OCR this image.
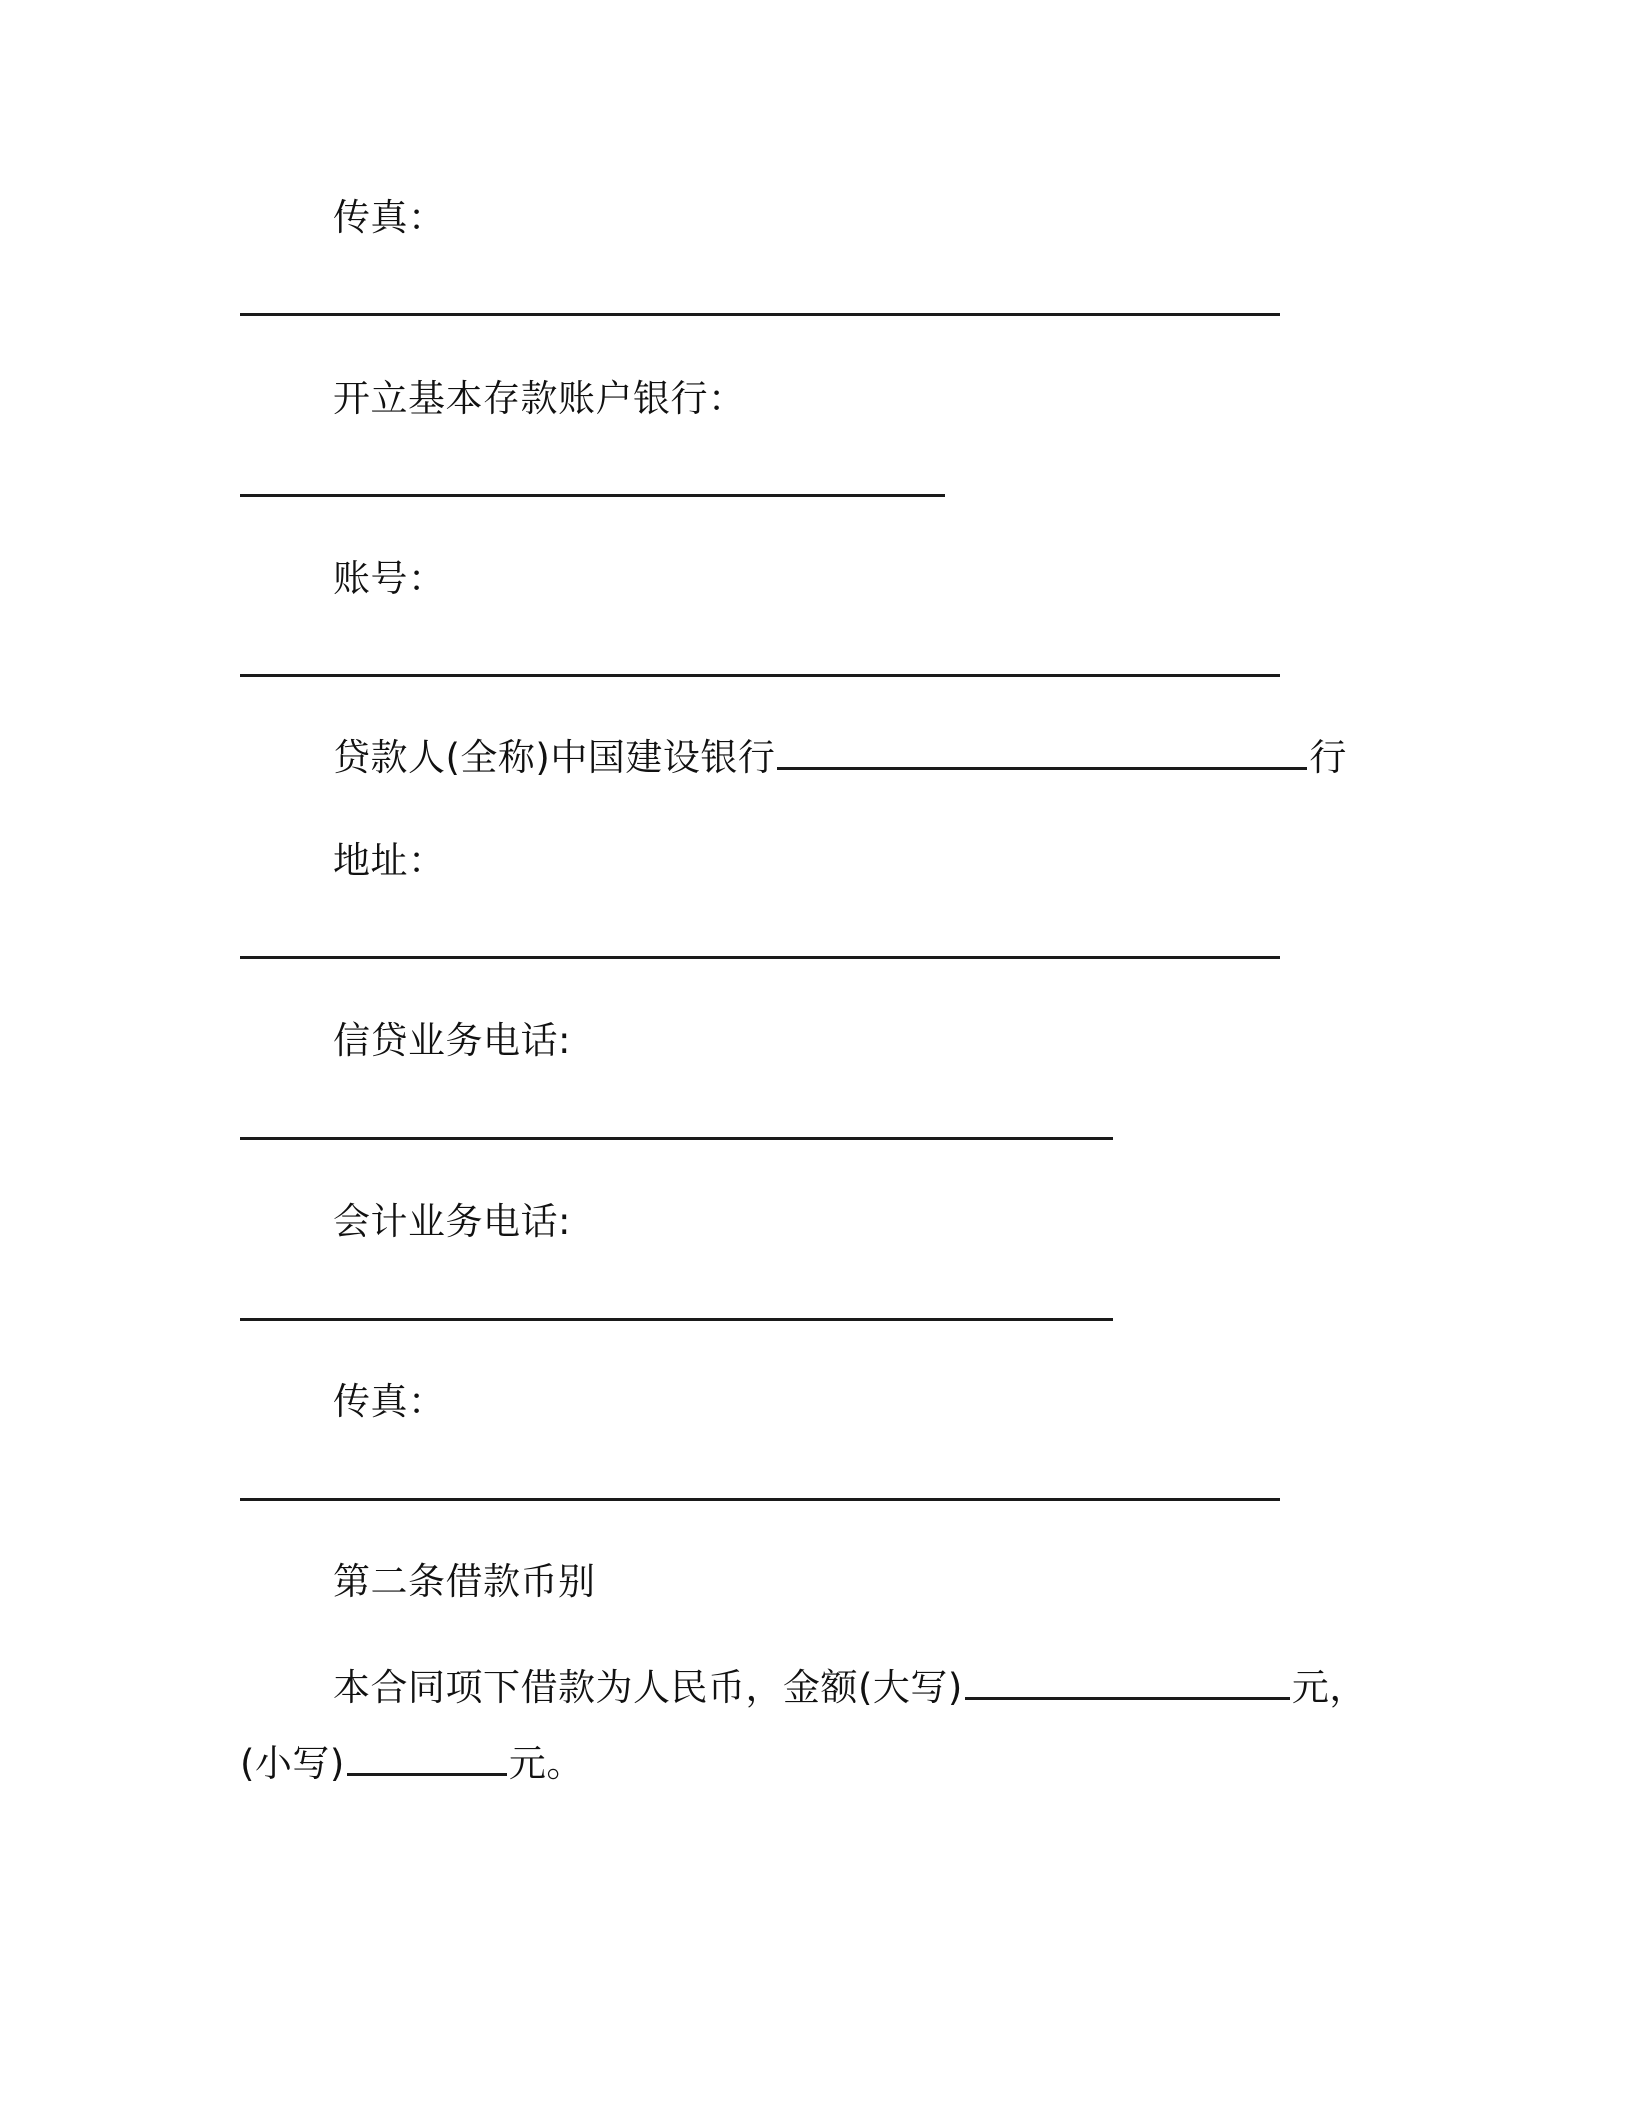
传真：
开立基本存款账户银行：
账号：
贷款人(全称)中国建设银行	行
地址：
信贷业务电话:
会计业务电话:
传真：
第二条借款币别
本合同项下借款为人民币，金额(大写)	元，
(小写)	元。
